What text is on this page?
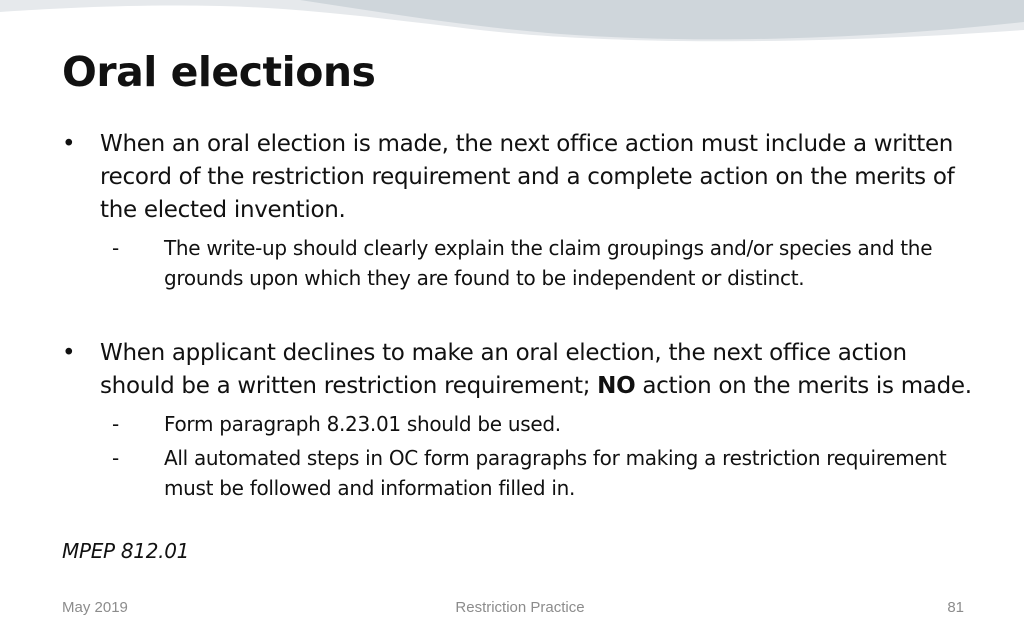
Oral elections
• When an oral election is made, the next office action must include a written record of the restriction requirement and a complete action on the merits of the elected invention.
- The write-up should clearly explain the claim groupings and/or species and the grounds upon which they are found to be independent or distinct.
• When applicant declines to make an oral election, the next office action should be a written restriction requirement; NO action on the merits is made.
- Form paragraph 8.23.01 should be used.
- All automated steps in OC form paragraphs for making a restriction requirement must be followed and information filled in.
MPEP 812.01
May 2019	Restriction Practice	81
